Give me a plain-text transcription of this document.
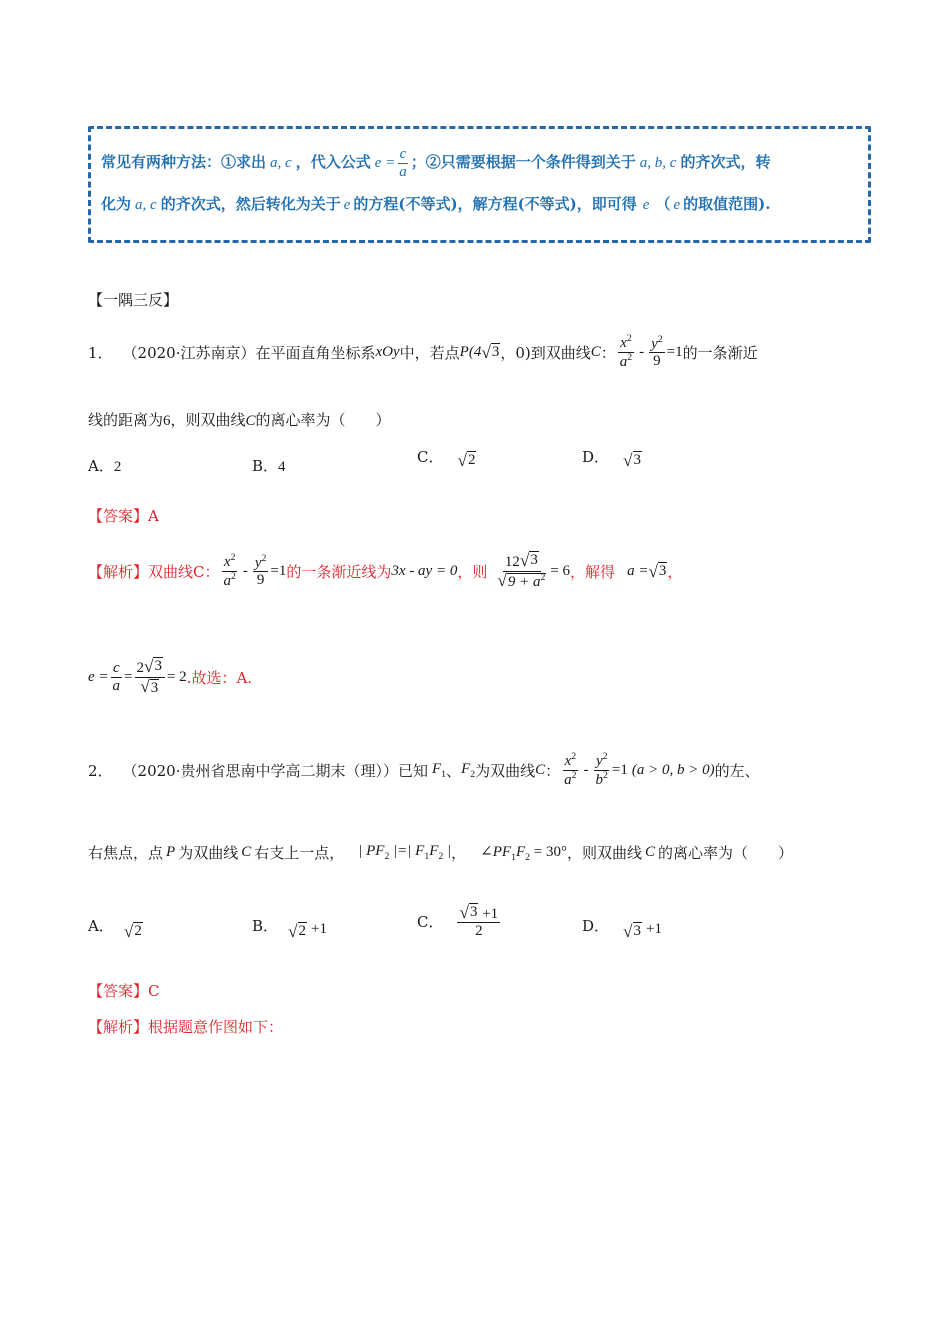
常见有两种方法：①求出 a, c ，代入公式 $e = \frac{c}{a}$ ；②只需要根据一个条件得到关于 a, b, c 的齐次式，转
化为 a, c 的齐次式，然后转化为关于 e 的方程(不等式)，解方程(不等式)，即可得 e （ e 的取值范围).
【一隅三反】
1． （2020·江苏南京）在平面直角坐标系 xOy 中，若点 P(4 √ 3 ，0)到双曲线 C ： $\frac{x^2}{a^2} - \frac{y^2}{9} =1$ 的一条渐近
线的距离为6，则双曲线C的离心率为（　　）
A．2	B．4
C． √ 2	D． √ 3
【答案】A
【解析】双曲线 C： $\frac{x^2}{a^2} - \frac{y^2}{9} =1$ 的一条渐近线为 3x - ay = 0 ，则 $\frac{12 √ 3}{√9 + a^2} = 6$ ，解得 a = √ 3 ，
$e = \frac{c}{a} = \frac{2 √ 3}{√3} = 2$ .故选：A.
2． （2020·贵州省思南中学高二期末（理））已知 $F_1$ 、 $F_2$ 为双曲线 C ： $\frac{x^2}{a^2} - \frac{y^2}{b^2} =1$ (a > 0, b > 0) 的左、
右焦点，点 P 为双曲线 C 右支上一点， | $PF_2$ |=| $F_1F_2$ | ， $\angle PF_1F_2 = 30^\circ$ ，则双曲线 C 的离心率为（　　）
A． √ 2	B． √ 2 +1	C． $\frac{√ 3 +1}{2}$	D． √ 3 +1
【答案】C
【解析】根据题意作图如下：
